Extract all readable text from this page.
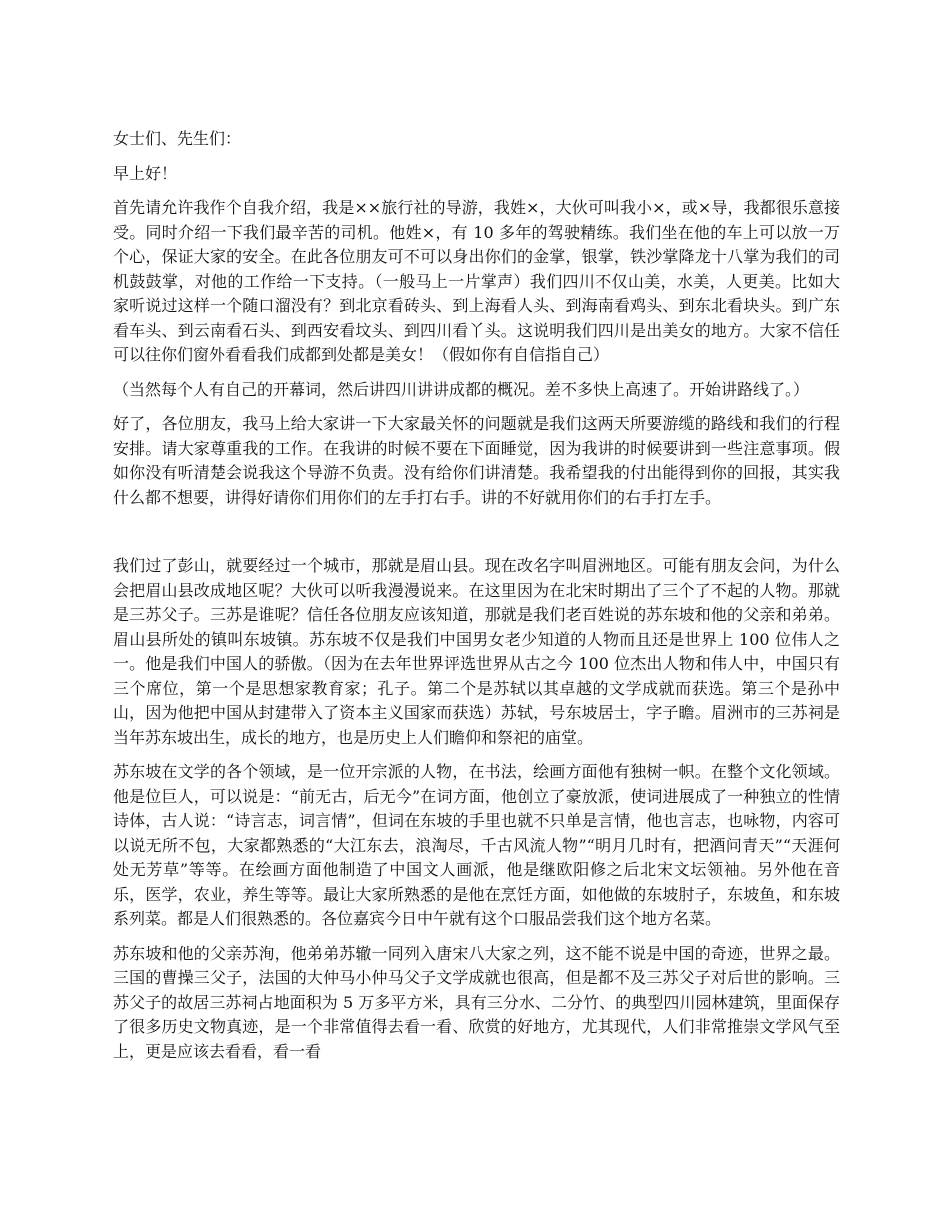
女士们、先生们：

早上好！

首先请允许我作个自我介绍，我是××旅行社的导游，我姓×，大伙可叫我小×，或×导，我都很乐意接受。同时介绍一下我们最辛苦的司机。他姓×，有 10 多年的驾驶精练。我们坐在他的车上可以放一万个心，保证大家的安全。在此各位朋友可不可以身出你们的金掌，银掌，铁沙掌降龙十八掌为我们的司机鼓鼓掌，对他的工作给一下支持。（一般马上一片掌声）我们四川不仅山美，水美，人更美。比如大家听说过这样一个随口溜没有？到北京看砖头、到上海看人头、到海南看鸡头、到东北看块头。到广东看车头、到云南看石头、到西安看坟头、到四川看丫头。这说明我们四川是出美女的地方。大家不信任可以往你们窗外看看我们成都到处都是美女！（假如你有自信指自己）

（当然每个人有自己的开幕词，然后讲四川讲讲成都的概况。差不多快上高速了。开始讲路线了。）

好了，各位朋友，我马上给大家讲一下大家最关怀的问题就是我们这两天所要游缆的路线和我们的行程安排。请大家尊重我的工作。在我讲的时候不要在下面睡觉，因为我讲的时候要讲到一些注意事项。假如你没有听清楚会说我这个导游不负责。没有给你们讲清楚。我希望我的付出能得到你的回报，其实我什么都不想要，讲得好请你们用你们的左手打右手。讲的不好就用你们的右手打左手。

我们过了彭山，就要经过一个城市，那就是眉山县。现在改名字叫眉洲地区。可能有朋友会问，为什么会把眉山县改成地区呢？大伙可以听我漫漫说来。在这里因为在北宋时期出了三个了不起的人物。那就是三苏父子。三苏是谁呢？信任各位朋友应该知道，那就是我们老百姓说的苏东坡和他的父亲和弟弟。眉山县所处的镇叫东坡镇。苏东坡不仅是我们中国男女老少知道的人物而且还是世界上 100 位伟人之一。他是我们中国人的骄傲。（因为在去年世界评选世界从古之今 100 位杰出人物和伟人中，中国只有三个席位，第一个是思想家教育家；孔子。第二个是苏轼以其卓越的文学成就而获选。第三个是孙中山，因为他把中国从封建带入了资本主义国家而获选）苏轼，号东坡居士，字子瞻。眉洲市的三苏祠是当年苏东坡出生，成长的地方，也是历史上人们瞻仰和祭祀的庙堂。

苏东坡在文学的各个领域，是一位开宗派的人物，在书法，绘画方面他有独树一帜。在整个文化领域。他是位巨人，可以说是：“前无古，后无今”在词方面，他创立了豪放派，使词进展成了一种独立的性情诗体，古人说：“诗言志，词言情”，但词在东坡的手里也就不只单是言情，他也言志，也咏物，内容可以说无所不包，大家都熟悉的“大江东去，浪淘尽，千古风流人物”“明月几时有，把酒问青天”“天涯何处无芳草”等等。在绘画方面他制造了中国文人画派，他是继欧阳修之后北宋文坛领袖。另外他在音乐，医学，农业，养生等等。最让大家所熟悉的是他在烹饪方面，如他做的东坡肘子，东坡鱼，和东坡系列菜。都是人们很熟悉的。各位嘉宾今日中午就有这个口服品尝我们这个地方名菜。

苏东坡和他的父亲苏洵，他弟弟苏辙一同列入唐宋八大家之列，这不能不说是中国的奇迹，世界之最。三国的曹操三父子，法国的大仲马小仲马父子文学成就也很高，但是都不及三苏父子对后世的影响。三苏父子的故居三苏祠占地面积为 5 万多平方米，具有三分水、二分竹、的典型四川园林建筑，里面保存了很多历史文物真迹，是一个非常值得去看一看、欣赏的好地方，尤其现代，人们非常推崇文学风气至上，更是应该去看看，看一看
